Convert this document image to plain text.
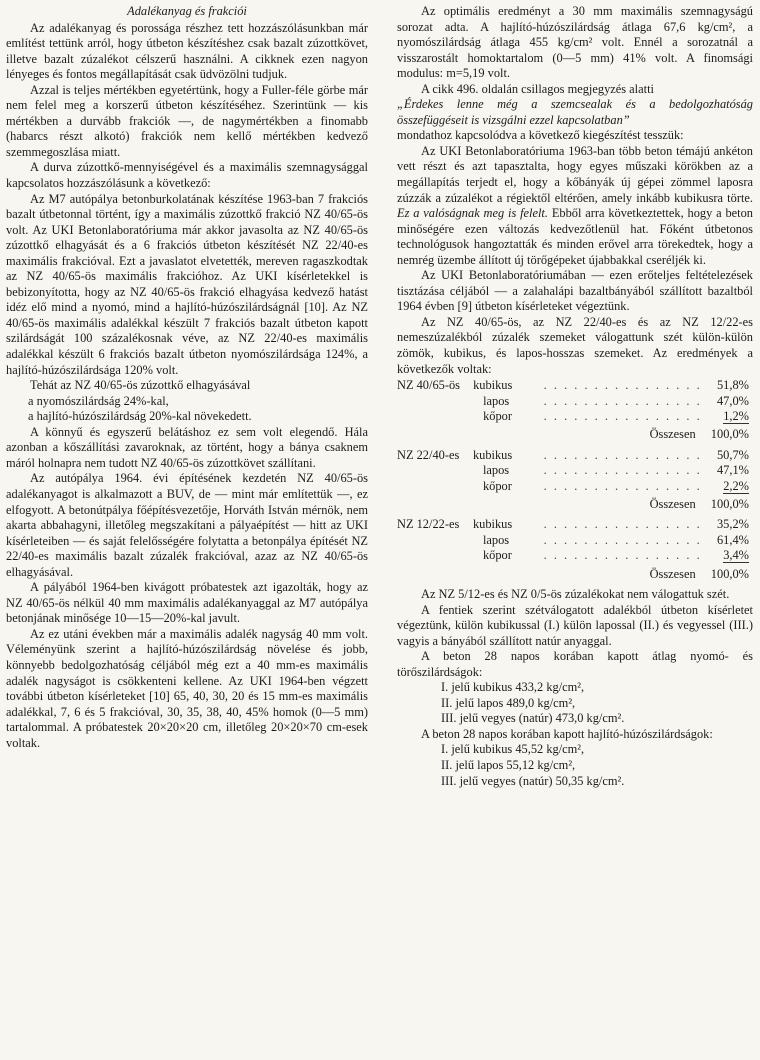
Adalékanyag és frakciói

Az adalékanyag és porosságа részhez tett hozzászólásunkban már említést tettünk arról, hogy útbeton készítéshez csak bazalt zúzottkövet, illetve bazalt zúzalékot célszerű használni. A cikknek ezen nagyon lényeges és fontos megállapítását csak üdvözölni tudjuk.

Azzal is teljes mértékben egyetértünk, hogy a Fuller-féle görbe már nem felel meg a korszerű útbeton készítéséhez. Szerintünk — kis mértékben a durvább frakciók —, de nagymértékben a finomabb (habarcs részt alkotó) frakciók nem kellő mértékben kedvező szemmegoszlása miatt.

A durva zúzottkő-mennyiségével és a maximális szemnagysággal kapcsolatos hozzászólásunk a következő:

Az M7 autópálya betonburkolatának készítése 1963-ban 7 frakciós bazalt útbetonnal történt, így a maximális zúzottkő frakció NZ 40/65-ös volt. Az UKI Betonlaboratóriuma már akkor javasolta az NZ 40/65-ös zúzottkő elhagyását és a 6 frakciós útbeton készítését NZ 22/40-es maximális frakcióval. Ezt a javaslatot elvetették, mereven ragaszkodtak az NZ 40/65-ös maximális frakcióhoz. Az UKI kísérletekkel is bebizonyította, hogy az NZ 40/65-ös frakció elhagyása kedvező hatást idéz elő mind a nyomó, mind a hajlító-húzószilárdságnál [10]. Az NZ 40/65-ös maximális adalékkal készült 7 frakciós bazalt útbeton kapott szilárdságát 100 százalékosnak véve, az NZ 22/40-es maximális adalékkal készült 6 frakciós bazalt útbeton nyomószilárdsága 124%, a hajlító-húzószilárdsága 120% volt.

Tehát az NZ 40/65-ös zúzottkő elhagyásával

a nyomószilárdság 24%-kal,

a hajlító-húzószilárdság 20%-kal növekedett.

A könnyű és egyszerű belátáshoz ez sem volt elegendő. Hála azonban a kőszállítási zavaroknak, az történt, hogy a bánya csaknem máról holnapra nem tudott NZ 40/65-ös zúzottkövet szállítani.

Az autópálya 1964. évi építésének kezdetén NZ 40/65-ös adalékanyagot is alkalmazott a BUV, de — mint már említettük —, ez elfogyott. A betonútpálya főépítésvezetője, Horváth István mérnök, nem akarta abbahagyni, illetőleg megszakítani a pályaépítést — hitt az UKI kísérleteiben — és saját felelősségére folytatta a betonpálya építését NZ 22/40-es maximális bazalt zúzalék frakcióval, azaz az NZ 40/65-ös elhagyásával.

A pályából 1964-ben kivágott próbatestek azt igazolták, hogy az NZ 40/65-ös nélkül 40 mm maximális adalékanyaggal az M7 autópálya betonjának minősége 10—15—20%-kal javult.

Az ez utáni években már a maximális adalék nagyság 40 mm volt. Véleményünk szerint a hajlító-húzószilárdság növelése és jobb, könnyebb bedolgozhatóság céljából még ezt a 40 mm-es maximális adalék nagyságot is csökkenteni kellene. Az UKI 1964-ben végzett további útbeton kísérleteket [10] 65, 40, 30, 20 és 15 mm-es maximális adalékkal, 7, 6 és 5 frakcióval, 30, 35, 38, 40, 45% homok (0—5 mm) tartalommal. A próbatestek 20×20×20 cm, illetőleg 20×20×70 cm-esek voltak.

Az optimális eredményt a 30 mm maximális szemnagyságú sorozat adta. A hajlító-húzószilárdság átlaga 67,6 kg/cm², a nyomószilárdság átlaga 455 kg/cm² volt. Ennél a sorozatnál a visszarostált homoktartalom (0—5 mm) 41% volt. A finomsági modulus: m=5,19 volt.

A cikk 496. oldalán csillagos megjegyzés alatti

„Érdekes lenne még a szemcsealak és a bedolgozhatóság összefüggéseit is vizsgálni ezzel kapcsolatban”

mondathoz kapcsolódva a következő kiegészítést tesszük:

Az UKI Betonlaboratóriuma 1963-ban több beton témájú ankéton vett részt és azt tapasztalta, hogy egyes műszaki körökben az a megállapítás terjedt el, hogy a kőbányák új gépei zömmel laposra zúzzák a zúzalékot a régiektől eltérően, amely inkább kubikusra törte. Ez a valóságnak meg is felelt. Ebből arra következtettek, hogy a beton minőségére ezen változás kedvezőtlenül hat. Főként útbetonos technológusok hangoztatták és minden erővel arra törekedtek, hogy a nemrég üzembe állított új törőgépeket újabbakkal cseréljék ki.

Az UKI Betonlaboratóriumában — ezen erőteljes feltételezések tisztázása céljából — a zalahalápi bazaltbányából szállított bazaltból 1964 évben [9] útbeton kísérleteket végeztünk.

Az NZ 40/65-ös, az NZ 22/40-es és az NZ 12/22-es nemeszúzalékból zúzalék szemeket válogattunk szét külön-külön zömök, kubikus, és lapos-hosszas szemeket. Az eredmények a következők voltak:

NZ 40/65-ös	kubikus	. . . . . . . . . . . . . . . .	51,8%
	lapos	. . . . . . . . . . . . . . . .	47,0%
	kőpor	. . . . . . . . . . . . . . . .	1,2%
Összesen			100,0%
NZ 22/40-es	kubikus	. . . . . . . . . . . . . . . .	50,7%
	lapos	. . . . . . . . . . . . . . . .	47,1%
	kőpor	. . . . . . . . . . . . . . . .	2,2%
Összesen			100,0%
NZ 12/22-es	kubikus	. . . . . . . . . . . . . . . .	35,2%
	lapos	. . . . . . . . . . . . . . . .	61,4%
	kőpor	. . . . . . . . . . . . . . . .	3,4%
Összesen			100,0%

Az NZ 5/12-es és NZ 0/5-ös zúzalékokat nem válogattuk szét.

A fentiek szerint szétválogatott adalékból útbeton kísérletet végeztünk, külön kubikussal (I.) külön lapossal (II.) és vegyessel (III.) vagyis a bányából szállított natúr anyaggal.

A beton 28 napos korában kapott átlag nyomó- és törőszilárdságok:

I. jelű kubikus 433,2 kg/cm²,

II. jelű lapos 489,0 kg/cm²,

III. jelű vegyes (natúr) 473,0 kg/cm².

A beton 28 napos korában kapott hajlító-húzószilárdságok:

I. jelű kubikus 45,52 kg/cm²,

II. jelű lapos 55,12 kg/cm²,

III. jelű vegyes (natúr) 50,35 kg/cm².
